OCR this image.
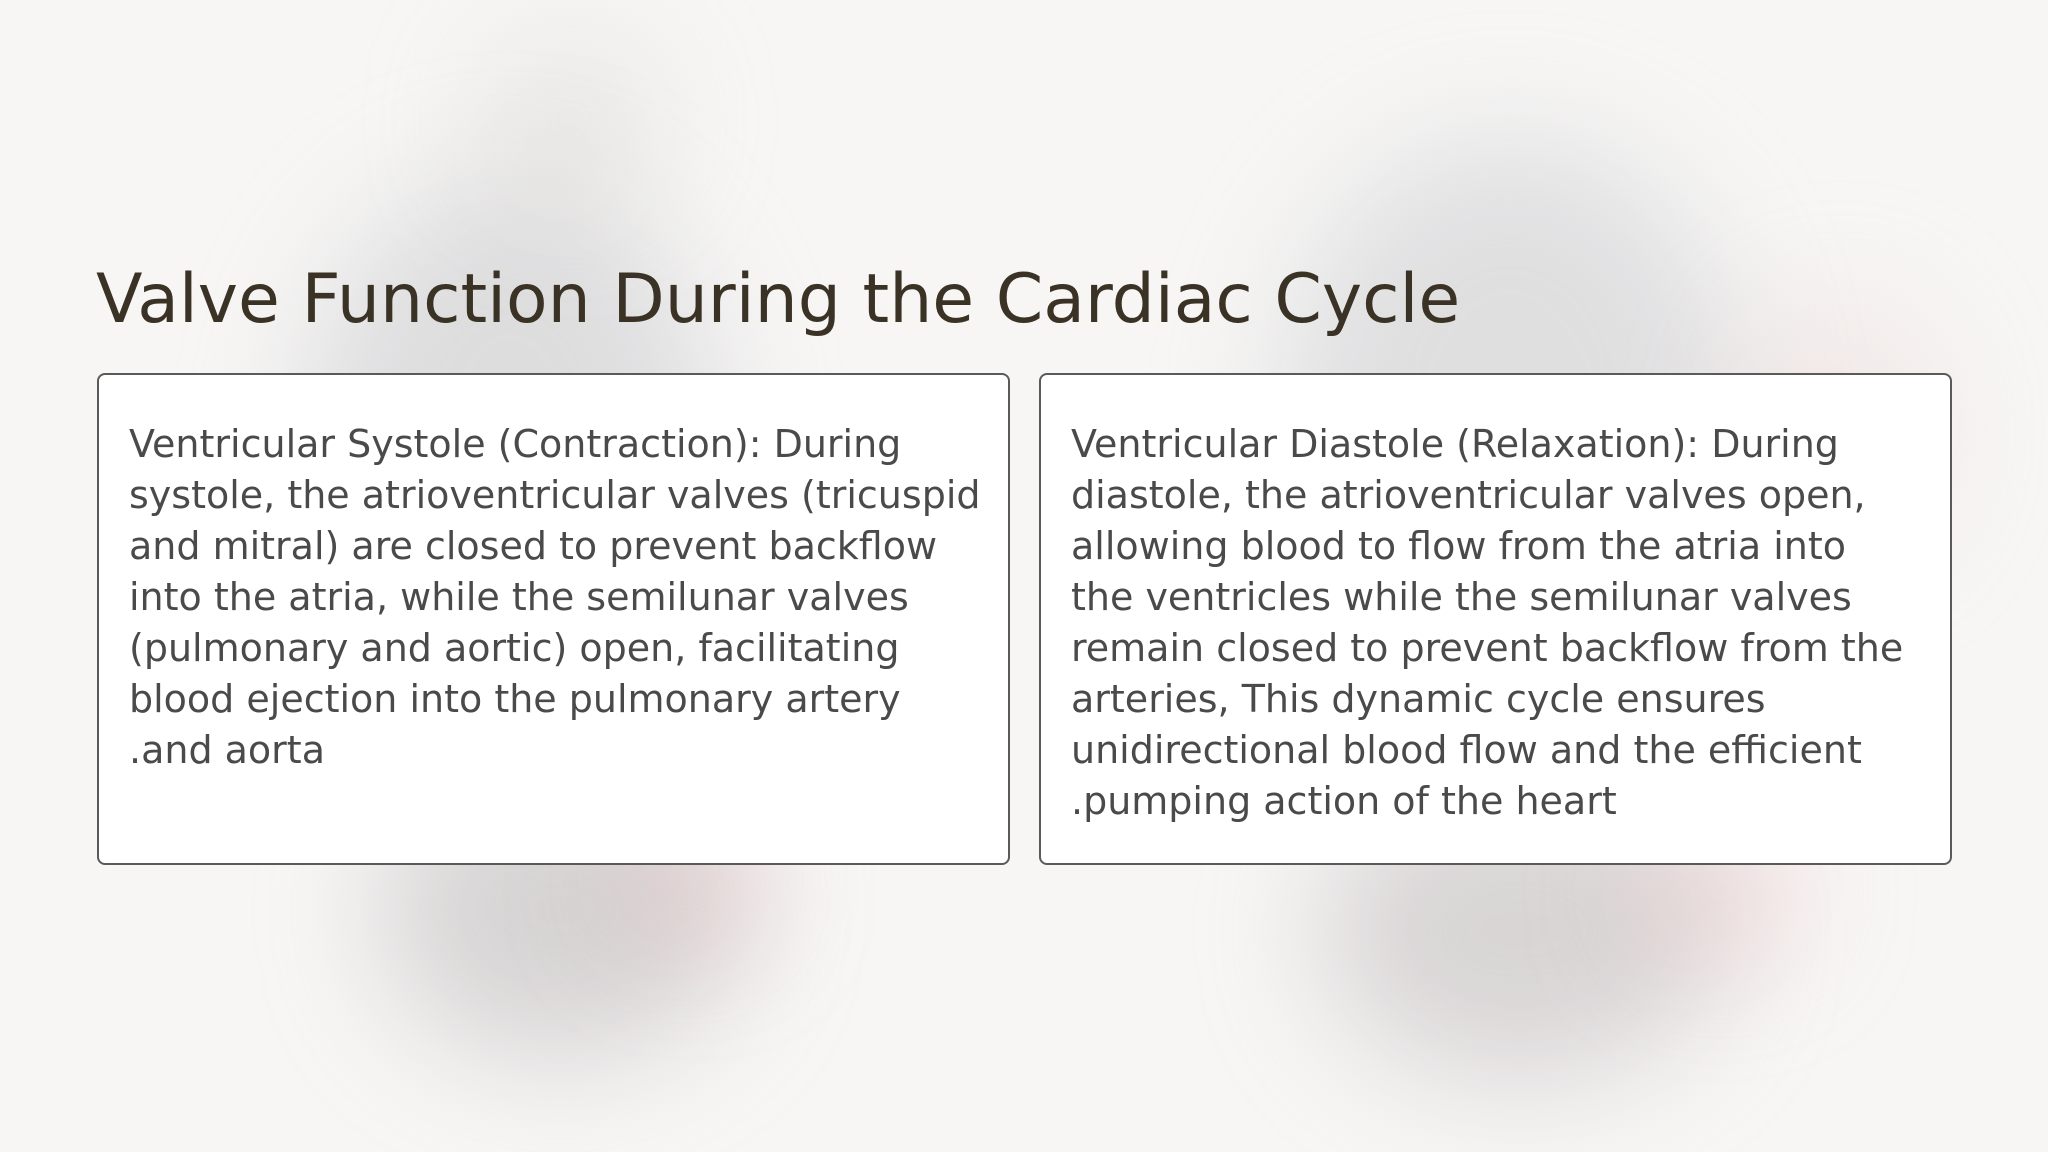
Valve Function During the Cardiac Cycle

Ventricular Systole (Contraction): During
systole, the atrioventricular valves (tricuspid
and mitral) are closed to prevent backflow
into the atria, while the semilunar valves
(pulmonary and aortic) open, facilitating
blood ejection into the pulmonary artery
.and aorta

Ventricular Diastole (Relaxation): During
diastole, the atrioventricular valves open,
allowing blood to flow from the atria into
the ventricles while the semilunar valves
remain closed to prevent backflow from the
arteries, This dynamic cycle ensures
unidirectional blood flow and the efficient
.pumping action of the heart
